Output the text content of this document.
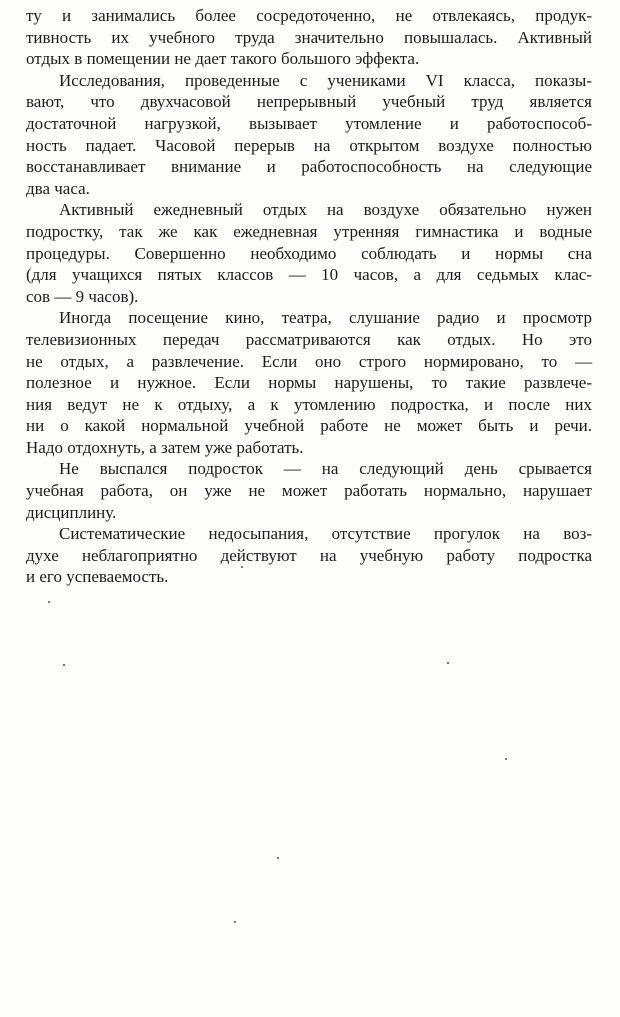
ту и занимались более сосредоточенно, не отвлекаясь, продук-
тивность их учебного труда значительно повышалась. Активный
отдых в помещении не дает такого большого эффекта.
Исследования, проведенные с учениками VI класса, показы-
вают, что двухчасовой непрерывный учебный труд является
достаточной нагрузкой, вызывает утомление и работоспособ-
ность падает. Часовой перерыв на открытом воздухе полностью
восстанавливает внимание и работоспособность на следующие
два часа.
Активный ежедневный отдых на воздухе обязательно нужен
подростку, так же как ежедневная утренняя гимнастика и водные
процедуры. Совершенно необходимо соблюдать и нормы сна
(для учащихся пятых классов — 10 часов, а для седьмых клас-
сов — 9 часов).
Иногда посещение кино, театра, слушание радио и просмотр
телевизионных передач рассматриваются как отдых. Но это
не отдых, а развлечение. Если оно строго нормировано, то —
полезное и нужное. Если нормы нарушены, то такие развлече-
ния ведут не к отдыху, а к утомлению подростка, и после них
ни о какой нормальной учебной работе не может быть и речи.
Надо отдохнуть, а затем уже работать.
Не выспался подросток — на следующий день срывается
учебная работа, он уже не может работать нормально, нарушает
дисциплину.
Систематические недосыпания, отсутствие прогулок на воз-
духе неблагоприятно действуют на учебную работу подростка
и его успеваемость.
